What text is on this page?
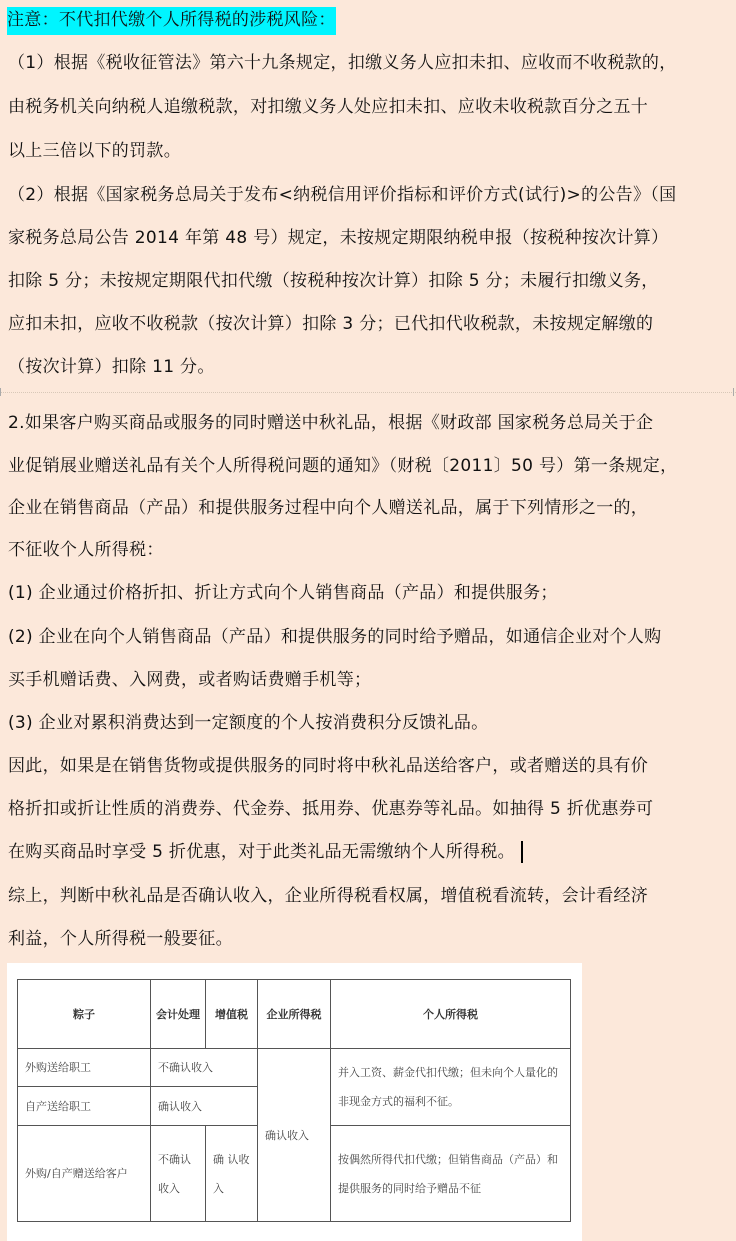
注意：不代扣代缴个人所得税的涉税风险：
（1）根据《税收征管法》第六十九条规定，扣缴义务人应扣未扣、应收而不收税款的，
由税务机关向纳税人追缴税款，对扣缴义务人处应扣未扣、应收未收税款百分之五十
以上三倍以下的罚款。
（2）根据《国家税务总局关于发布<纳税信用评价指标和评价方式(试行)>的公告》（国
家税务总局公告 2014 年第 48 号）规定，未按规定期限纳税申报（按税种按次计算）
扣除 5 分；未按规定期限代扣代缴（按税种按次计算）扣除 5 分；未履行扣缴义务，
应扣未扣，应收不收税款（按次计算）扣除 3 分；已代扣代收税款，未按规定解缴的
（按次计算）扣除 11 分。
2.如果客户购买商品或服务的同时赠送中秋礼品，根据《财政部 国家税务总局关于企
业促销展业赠送礼品有关个人所得税问题的通知》（财税〔2011〕50 号）第一条规定，
企业在销售商品（产品）和提供服务过程中向个人赠送礼品，属于下列情形之一的，
不征收个人所得税：
(1) 企业通过价格折扣、折让方式向个人销售商品（产品）和提供服务；
(2) 企业在向个人销售商品（产品）和提供服务的同时给予赠品，如通信企业对个人购
买手机赠话费、入网费，或者购话费赠手机等；
(3) 企业对累积消费达到一定额度的个人按消费积分反馈礼品。
因此，如果是在销售货物或提供服务的同时将中秋礼品送给客户，或者赠送的具有价
格折扣或折让性质的消费券、代金券、抵用券、优惠券等礼品。如抽得 5 折优惠券可
在购买商品时享受 5 折优惠，对于此类礼品无需缴纳个人所得税。
综上，判断中秋礼品是否确认收入，企业所得税看权属，增值税看流转，会计看经济
利益，个人所得税一般要征。
粽子	会计处理	增值税	企业所得税	个人所得税
外购送给职工	不确认收入		确认收入	并入工资、薪金代扣代缴；但未向个人量化的非现金方式的福利不征。
自产送给职工	确认收入			
外购/自产赠送给客户	不确认收入	确 认收入		按偶然所得代扣代缴；但销售商品（产品）和提供服务的同时给予赠品不征
